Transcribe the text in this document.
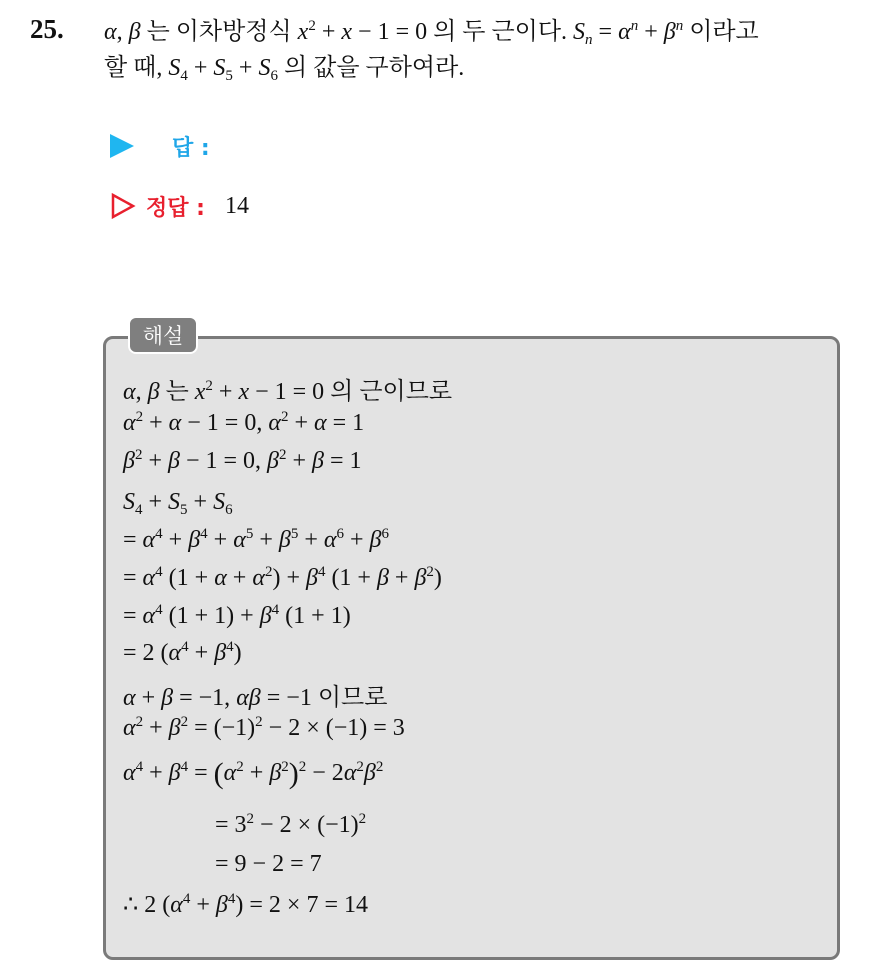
25. α, β 는 이차방정식 $x^2 + x - 1 = 0$ 의 두 근이다. $S_n = \alpha^n + \beta^n$ 이라고
할 때, $S_4 + S_5 + S_6$ 의 값을 구하여라.
답 :
정답 : 14
해설
α, β 는 $x^2 + x - 1 = 0$ 의 근이므로
$\alpha^2 + \alpha - 1 = 0$, $\alpha^2 + \alpha = 1$
$\beta^2 + \beta - 1 = 0$, $\beta^2 + \beta = 1$
$S_4 + S_5 + S_6$
= $\alpha^4 + \beta^4 + \alpha^5 + \beta^5 + \alpha^6 + \beta^6$
= $\alpha^4$ $(1 + \alpha + \alpha^2) + \beta^4$ $(1 + \beta + \beta^2)$
= $\alpha^4$ $(1 + 1) + \beta^4$ (1 + 1)
= 2 $(\alpha^4 + \beta^4)$
α + β = −1, αβ = −1 이므로
$\alpha^2 + \beta^2 = (-1)^2 - 2 \times (-1) = 3$
$\alpha^4 + \beta^4 = (\alpha^2 + \beta^2)^2 - 2\alpha^2\beta^2$
= $3^2 - 2 \times (-1)^2$
= 9 − 2 = 7
∴ 2 $(\alpha^4 + \beta^4) = 2 \times 7 = 14$
